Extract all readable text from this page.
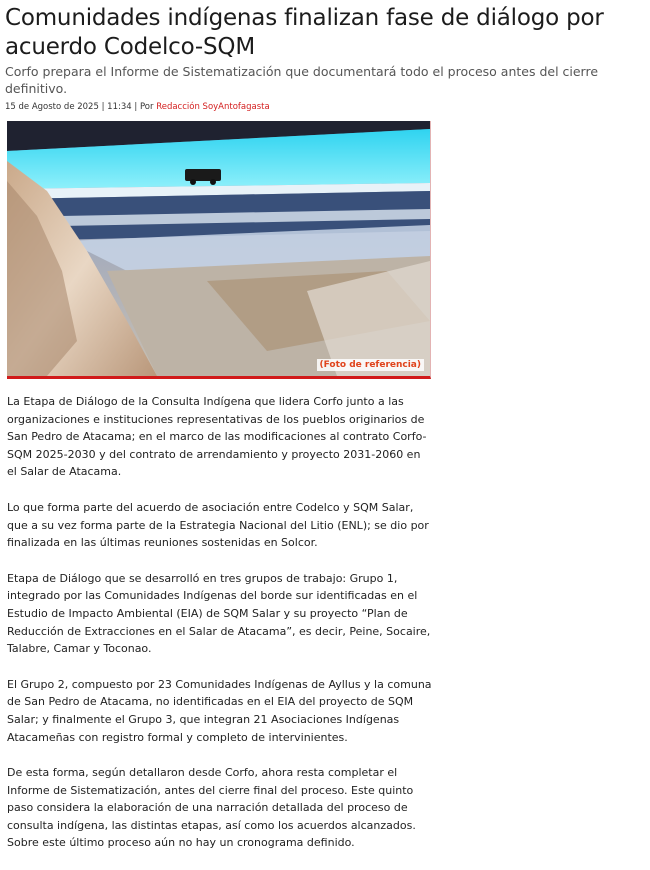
Comunidades indígenas finalizan fase de diálogo por acuerdo Codelco-SQM

Corfo prepara el Informe de Sistematización que documentará todo el proceso antes del cierre definitivo.

15 de Agosto de 2025 | 11:34 | Por Redacción SoyAntofagasta
(Foto de referencia)

La Etapa de Diálogo de la Consulta Indígena que lidera Corfo junto a las organizaciones e instituciones representativas de los pueblos originarios de San Pedro de Atacama; en el marco de las modificaciones al contrato Corfo-SQM 2025-2030 y del contrato de arrendamiento y proyecto 2031-2060 en el Salar de Atacama.

Lo que forma parte del acuerdo de asociación entre Codelco y SQM Salar, que a su vez forma parte de la Estrategia Nacional del Litio (ENL); se dio por finalizada en las últimas reuniones sostenidas en Solcor.

Etapa de Diálogo que se desarrolló en tres grupos de trabajo: Grupo 1, integrado por las Comunidades Indígenas del borde sur identificadas en el Estudio de Impacto Ambiental (EIA) de SQM Salar y su proyecto “Plan de Reducción de Extracciones en el Salar de Atacama”, es decir, Peine, Socaire, Talabre, Camar y Toconao.

El Grupo 2, compuesto por 23 Comunidades Indígenas de Ayllus y la comuna de San Pedro de Atacama, no identificadas en el EIA del proyecto de SQM Salar; y finalmente el Grupo 3, que integran 21 Asociaciones Indígenas Atacameñas con registro formal y completo de intervinientes.

De esta forma, según detallaron desde Corfo, ahora resta completar el Informe de Sistematización, antes del cierre final del proceso. Este quinto paso considera la elaboración de una narración detallada del proceso de consulta indígena, las distintas etapas, así como los acuerdos alcanzados. Sobre este último proceso aún no hay un cronograma definido.
